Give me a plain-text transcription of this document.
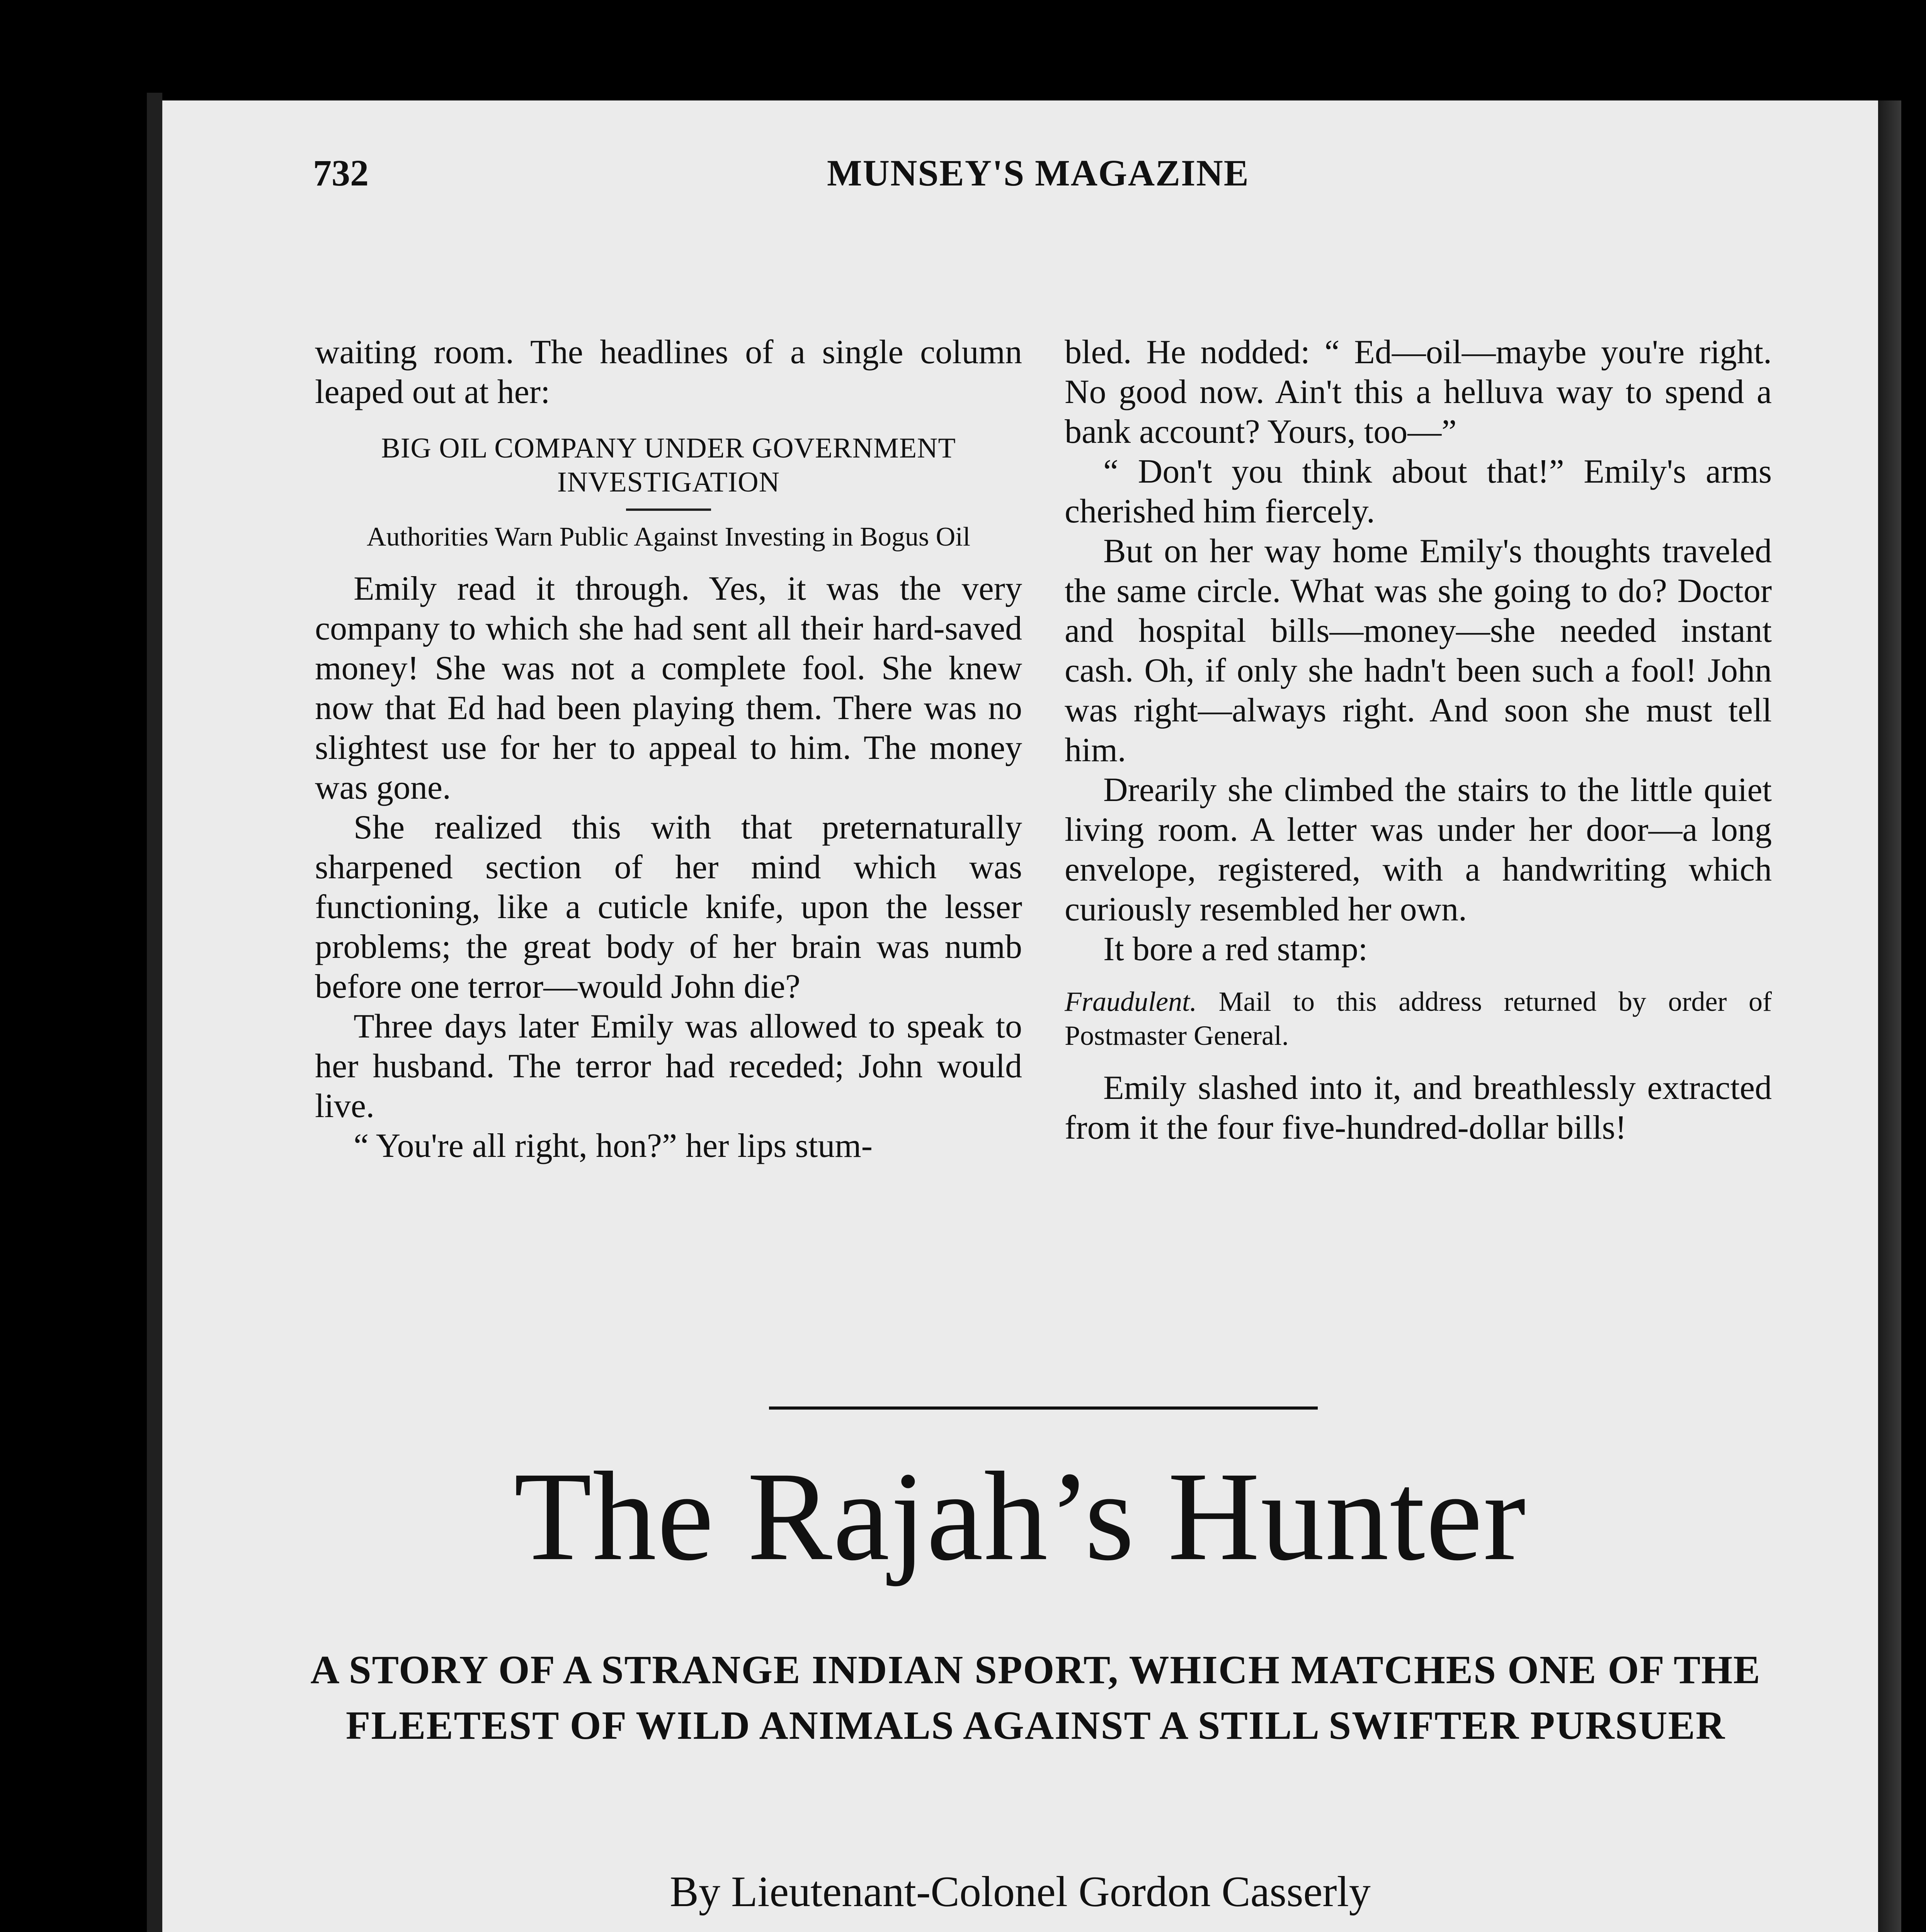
732	MUNSEY'S MAGAZINE

waiting room. The headlines of a single column leaped out at her:

BIG OIL COMPANY UNDER GOVERNMENT INVESTIGATION

Authorities Warn Public Against Investing in Bogus Oil

Emily read it through. Yes, it was the very company to which she had sent all their hard-saved money! She was not a complete fool. She knew now that Ed had been playing them. There was no slightest use for her to appeal to him. The money was gone.

She realized this with that preternaturally sharpened section of her mind which was functioning, like a cuticle knife, upon the lesser problems; the great body of her brain was numb before one terror—would John die?

Three days later Emily was allowed to speak to her husband. The terror had receded; John would live.

“ You're all right, hon?” her lips stum-

bled. He nodded: “ Ed—oil—maybe you're right. No good now. Ain't this a helluva way to spend a bank account? Yours, too—”

“ Don't you think about that!” Emily's arms cherished him fiercely.

But on her way home Emily's thoughts traveled the same circle. What was she going to do? Doctor and hospital bills—money—she needed instant cash. Oh, if only she hadn't been such a fool! John was right—always right. And soon she must tell him.

Drearily she climbed the stairs to the little quiet living room. A letter was under her door—a long envelope, registered, with a handwriting which curiously resembled her own.

It bore a red stamp:

Fraudulent. Mail to this address returned by order of Postmaster General.

Emily slashed into it, and breathlessly extracted from it the four five-hundred-dollar bills!

The Rajah’s Hunter
A STORY OF A STRANGE INDIAN SPORT, WHICH MATCHES ONE OF THE FLEETEST OF WILD ANIMALS AGAINST A STILL SWIFTER PURSUER
By Lieutenant-Colonel Gordon Casserly
